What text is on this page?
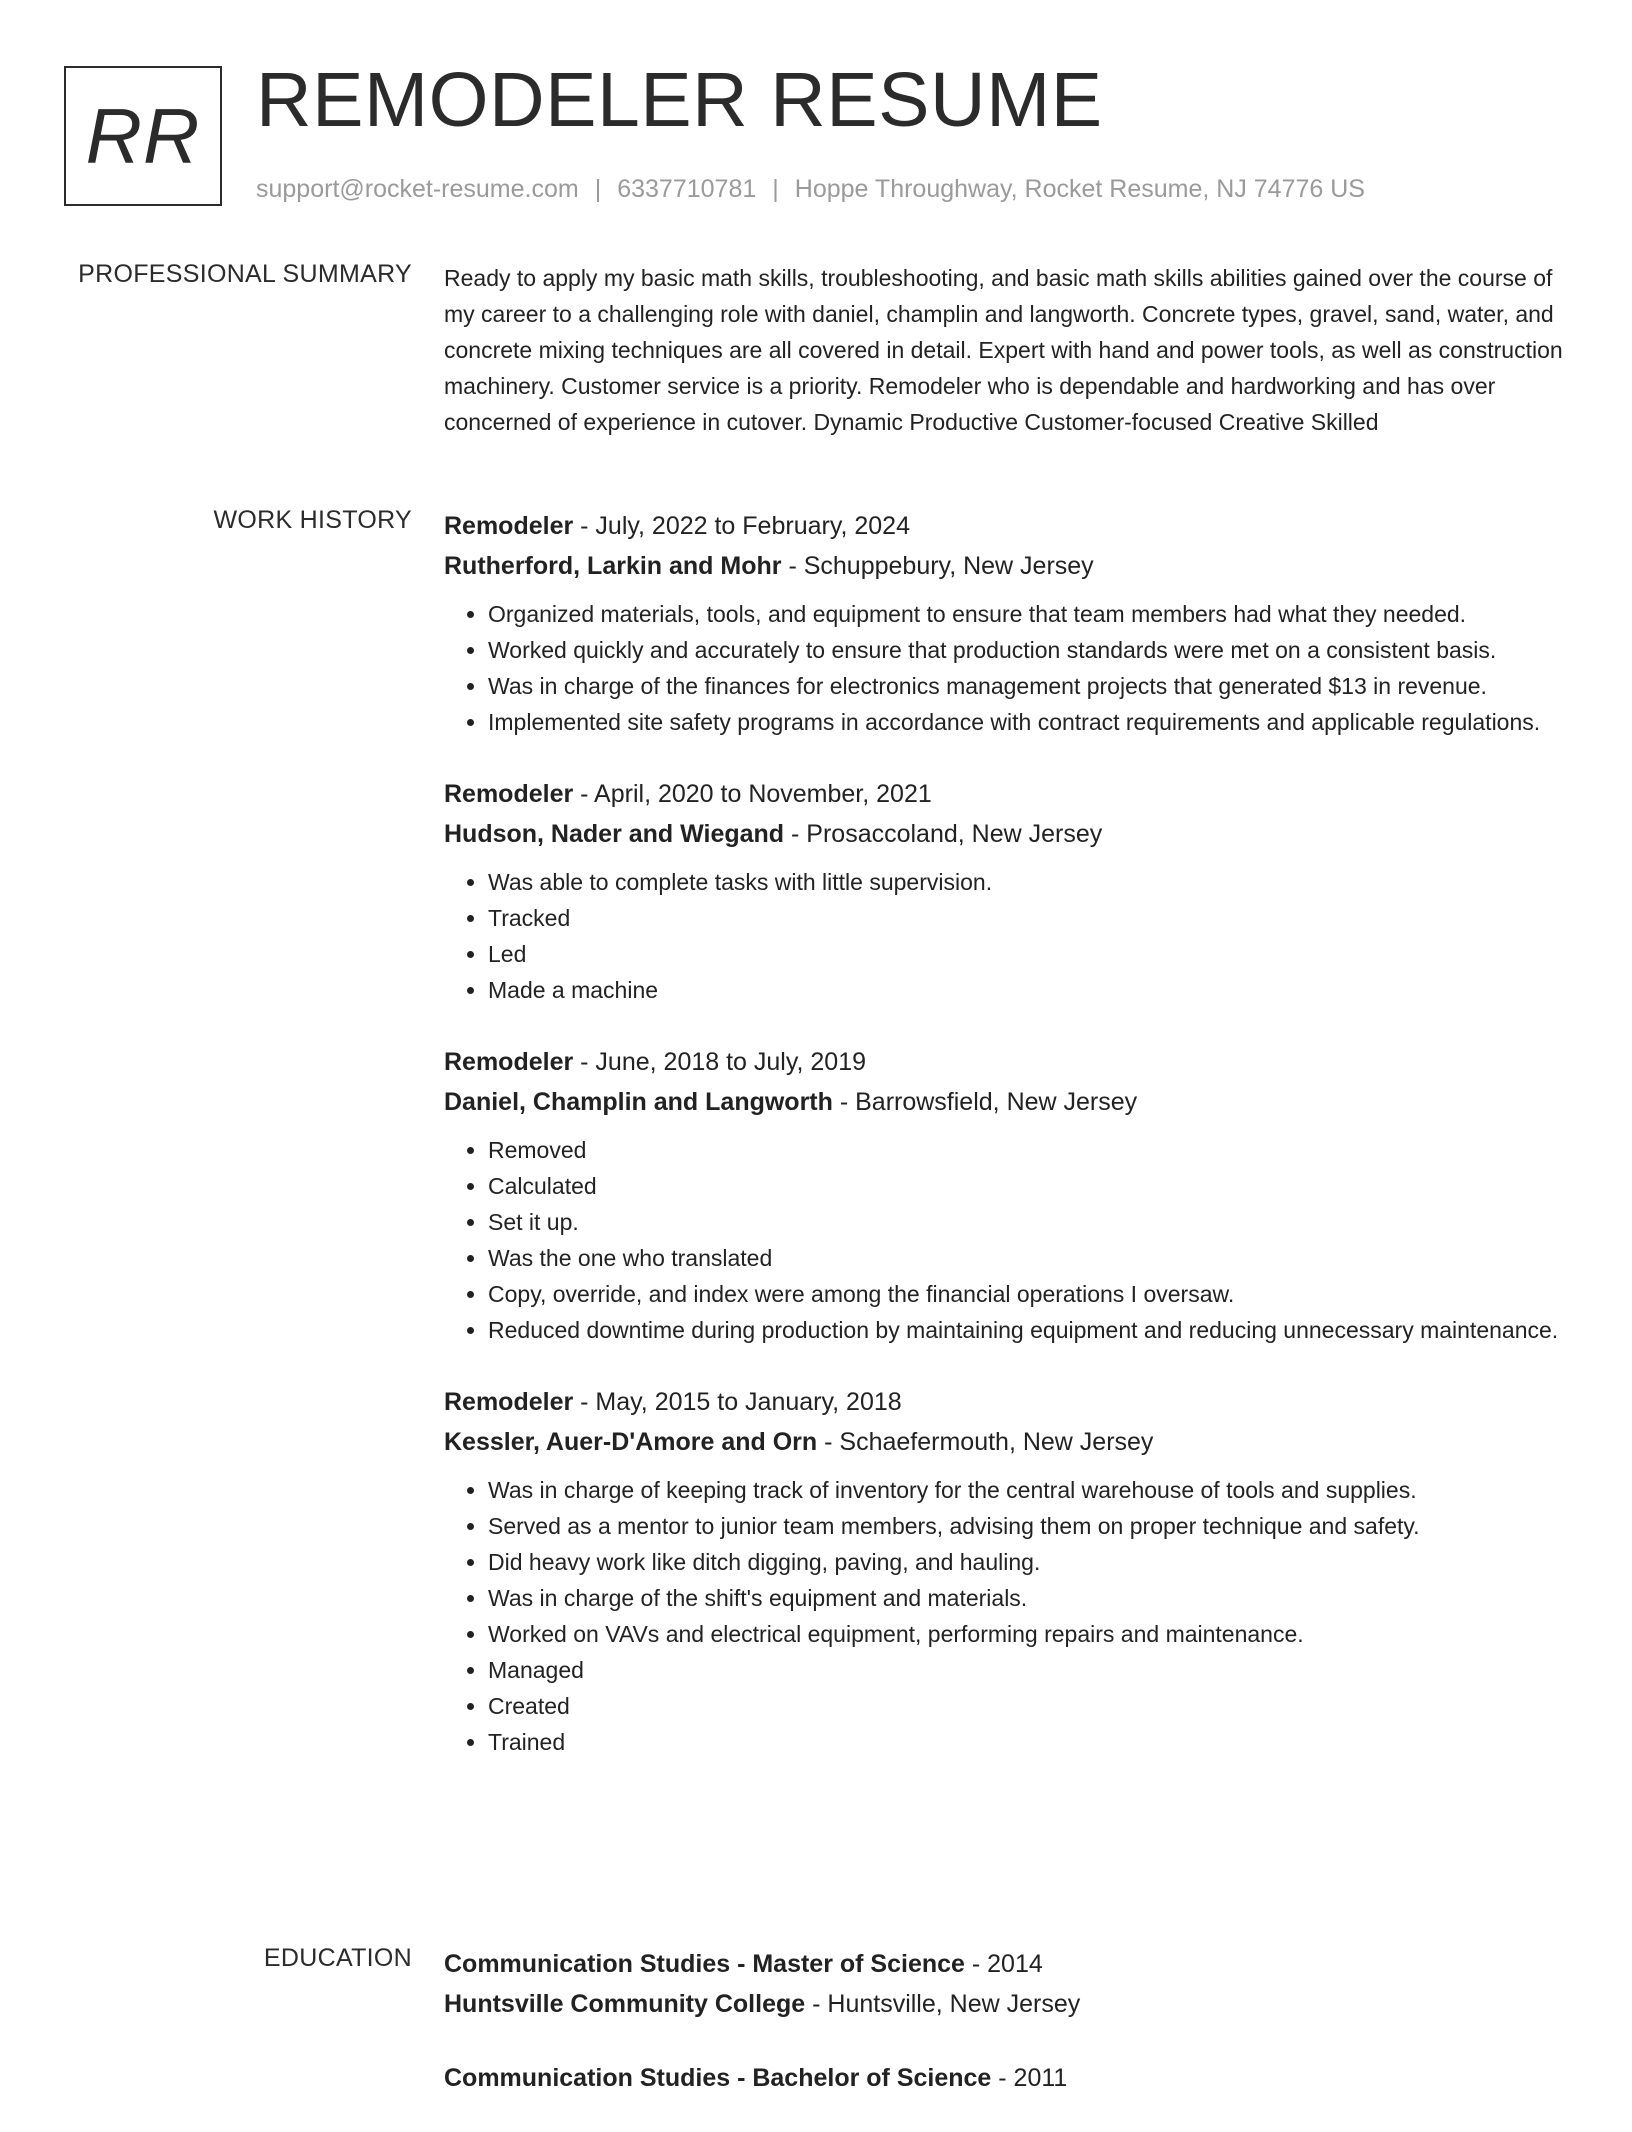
RR REMODELER RESUME
support@rocket-resume.com | 6337710781 | Hoppe Throughway, Rocket Resume, NJ 74776 US
PROFESSIONAL SUMMARY Ready to apply my basic math skills, troubleshooting, and basic math skills abilities gained over the course of my career to a challenging role with daniel, champlin and langworth. Concrete types, gravel, sand, water, and concrete mixing techniques are all covered in detail. Expert with hand and power tools, as well as construction machinery. Customer service is a priority. Remodeler who is dependable and hardworking and has over concerned of experience in cutover. Dynamic Productive Customer-focused Creative Skilled

WORK HISTORY Remodeler - July, 2022 to February, 2024
Rutherford, Larkin and Mohr - Schuppebury, New Jersey
• Organized materials, tools, and equipment to ensure that team members had what they needed.
• Worked quickly and accurately to ensure that production standards were met on a consistent basis.
• Was in charge of the finances for electronics management projects that generated $13 in revenue.
• Implemented site safety programs in accordance with contract requirements and applicable regulations.
Remodeler - April, 2020 to November, 2021
Hudson, Nader and Wiegand - Prosaccoland, New Jersey
• Was able to complete tasks with little supervision.
• Tracked
• Led
• Made a machine
Remodeler - June, 2018 to July, 2019
Daniel, Champlin and Langworth - Barrowsfield, New Jersey
• Removed
• Calculated
• Set it up.
• Was the one who translated
• Copy, override, and index were among the financial operations I oversaw.
• Reduced downtime during production by maintaining equipment and reducing unnecessary maintenance.
Remodeler - May, 2015 to January, 2018
Kessler, Auer-D'Amore and Orn - Schaefermouth, New Jersey
• Was in charge of keeping track of inventory for the central warehouse of tools and supplies.
• Served as a mentor to junior team members, advising them on proper technique and safety.
• Did heavy work like ditch digging, paving, and hauling.
• Was in charge of the shift's equipment and materials.
• Worked on VAVs and electrical equipment, performing repairs and maintenance.
• Managed
• Created
• Trained
EDUCATION Communication Studies - Master of Science - 2014
Huntsville Community College - Huntsville, New Jersey
Communication Studies - Bachelor of Science - 2011
